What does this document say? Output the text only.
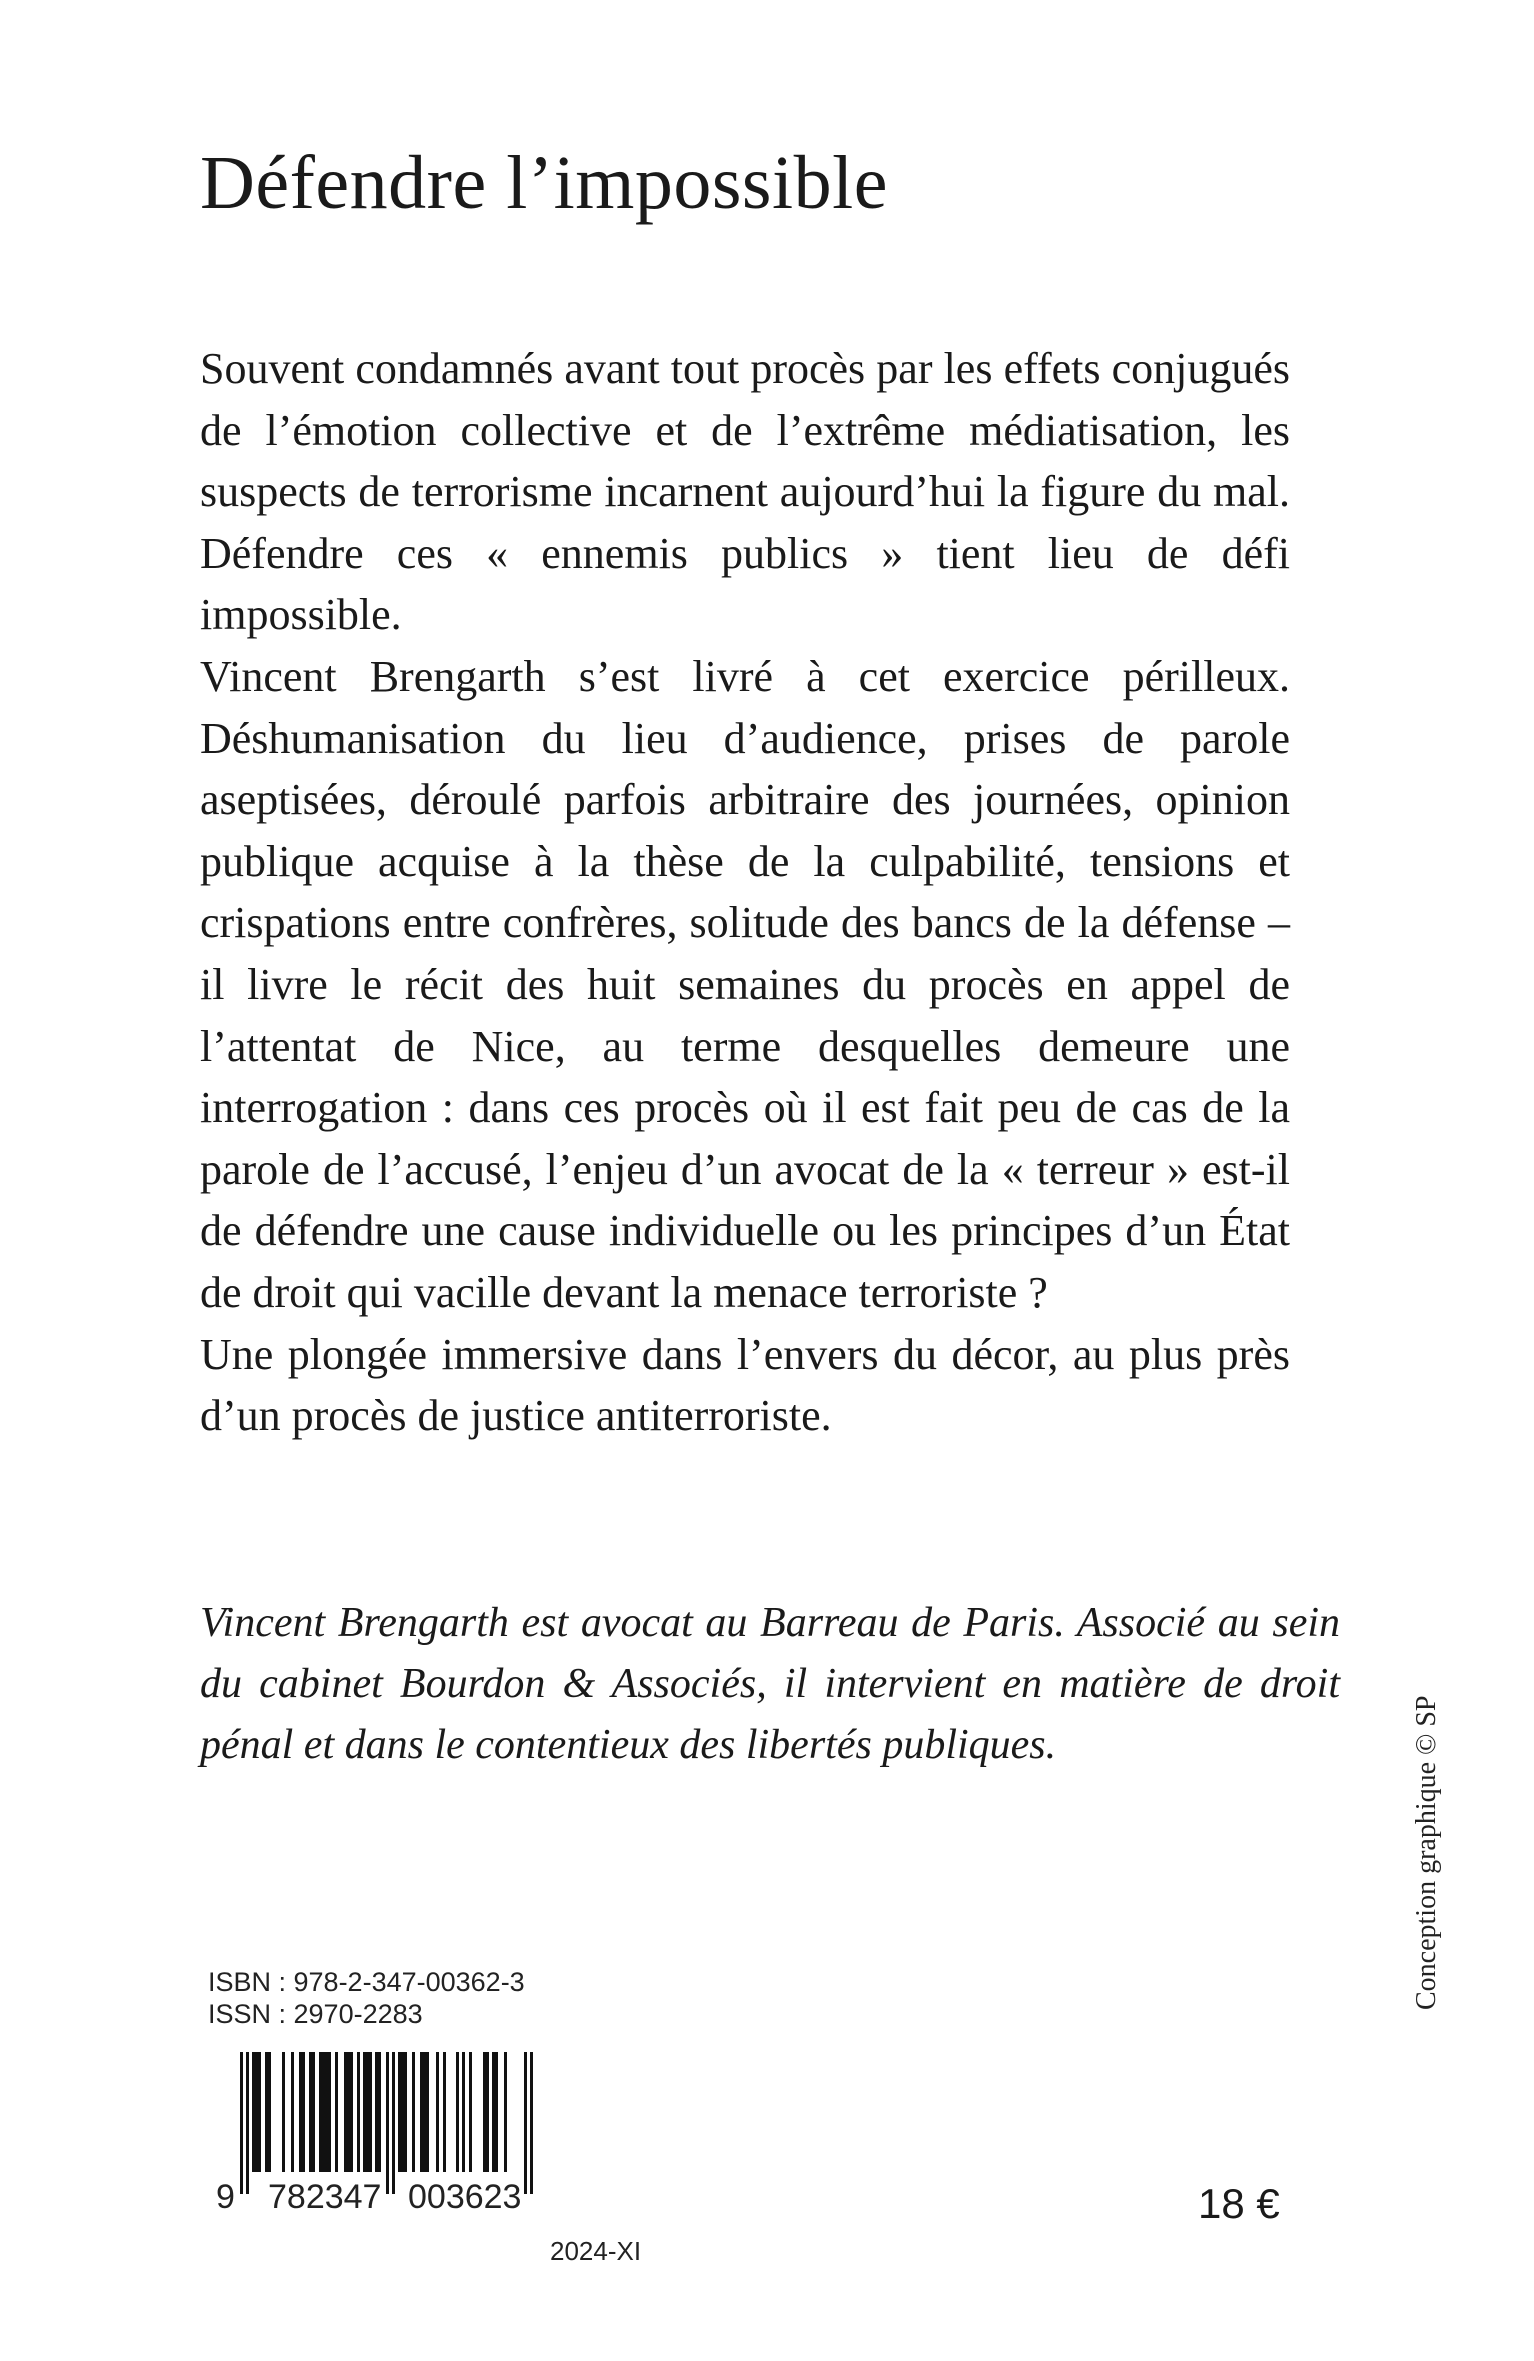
Défendre l’impossible

Souvent condamnés avant tout procès par les effets conjugués de l’émotion collective et de l’extrême médiatisation, les suspects de terrorisme incarnent aujourd’hui la figure du mal. Défendre ces « ennemis publics » tient lieu de défi impossible.

Vincent Brengarth s’est livré à cet exercice périlleux. Déshumanisation du lieu d’audience, prises de parole aseptisées, déroulé parfois arbitraire des journées, opinion publique acquise à la thèse de la culpabilité, tensions et crispations entre confrères, solitude des bancs de la défense – il livre le récit des huit semaines du procès en appel de l’attentat de Nice, au terme desquelles demeure une interrogation : dans ces procès où il est fait peu de cas de la parole de l’accusé, l’enjeu d’un avocat de la « terreur » est-il de défendre une cause individuelle ou les principes d’un État de droit qui vacille devant la menace terroriste ?

Une plongée immersive dans l’envers du décor, au plus près d’un procès de justice antiterroriste.

Vincent Brengarth est avocat au Barreau de Paris. Associé au sein du cabinet Bourdon & Associés, il intervient en matière de droit pénal et dans le contentieux des libertés publiques.	Conception graphique © SP
ISBN : 978-2-347-00362-3
ISSN : 2970-2283
9 782347 003623	18 €
2024-XI
